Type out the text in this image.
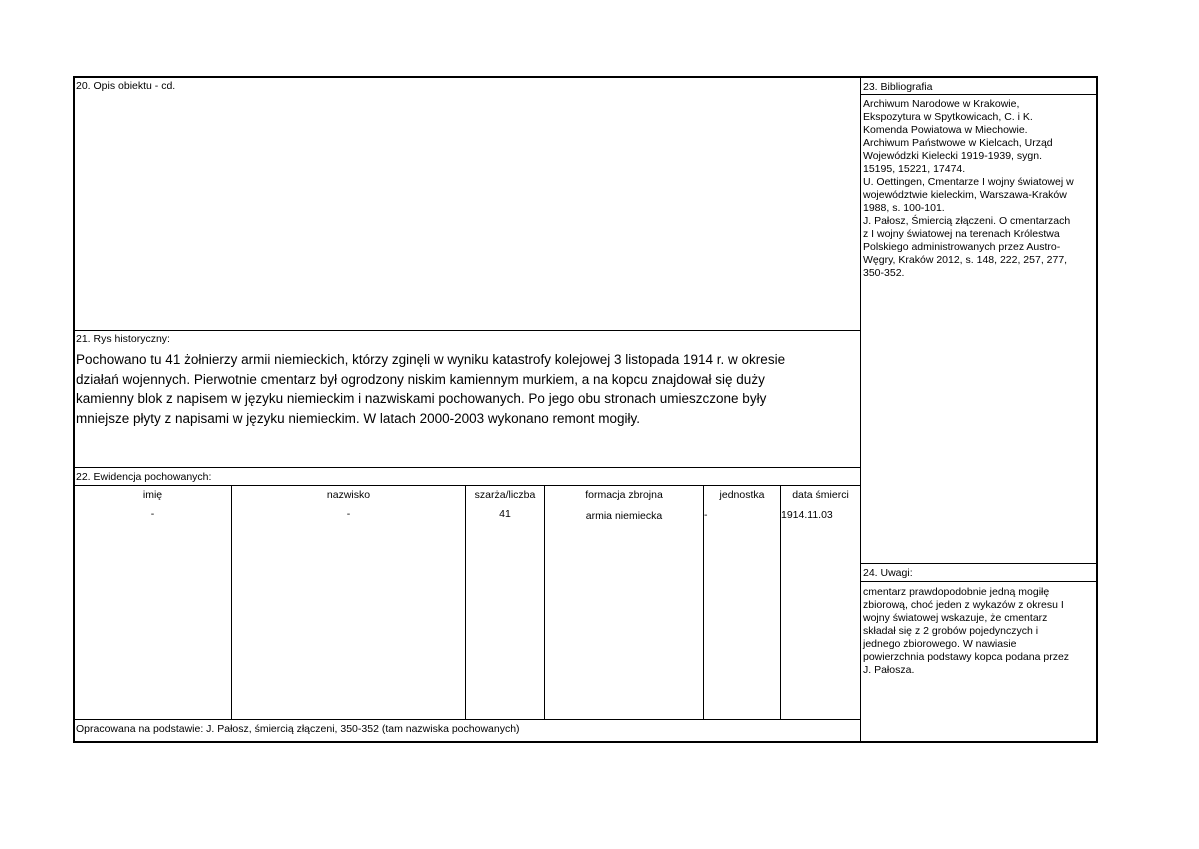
20. Opis obiektu - cd.
21. Rys historyczny:
Pochowano tu 41 żołnierzy armii niemieckich, którzy zginęli w wyniku katastrofy kolejowej 3 listopada 1914 r. w okresie
działań wojennych. Pierwotnie cmentarz był ogrodzony niskim kamiennym murkiem, a na kopcu znajdował się duży
kamienny blok z napisem w języku niemieckim i nazwiskami pochowanych. Po jego obu stronach umieszczone były
mniejsze płyty z napisami w języku niemieckim. W latach 2000-2003 wykonano remont mogiły.
22. Ewidencja pochowanych:
imię	nazwisko	szarża/liczba	formacja zbrojna	jednostka	data śmierci
-	-	41	armia niemiecka	-	1914.11.03
Opracowana na podstawie: J. Pałosz, śmiercią złączeni, 350-352 (tam nazwiska pochowanych)
23. Bibliografia
Archiwum Narodowe w Krakowie,
Ekspozytura w Spytkowicach, C. i K.
Komenda Powiatowa w Miechowie.
Archiwum Państwowe w Kielcach, Urząd
Wojewódzki Kielecki 1919-1939, sygn.
15195, 15221, 17474.
U. Oettingen, Cmentarze I wojny światowej w
województwie kieleckim, Warszawa-Kraków
1988, s. 100-101.
J. Pałosz, Śmiercią złączeni. O cmentarzach
z I wojny światowej na terenach Królestwa
Polskiego administrowanych przez Austro-
Węgry, Kraków 2012, s. 148, 222, 257, 277,
350-352.
24. Uwagi:
cmentarz prawdopodobnie jedną mogiłę
zbiorową, choć jeden z wykazów z okresu I
wojny światowej wskazuje, że cmentarz
składał się z 2 grobów pojedynczych i
jednego zbiorowego. W nawiasie
powierzchnia podstawy kopca podana przez
J. Pałosza.
